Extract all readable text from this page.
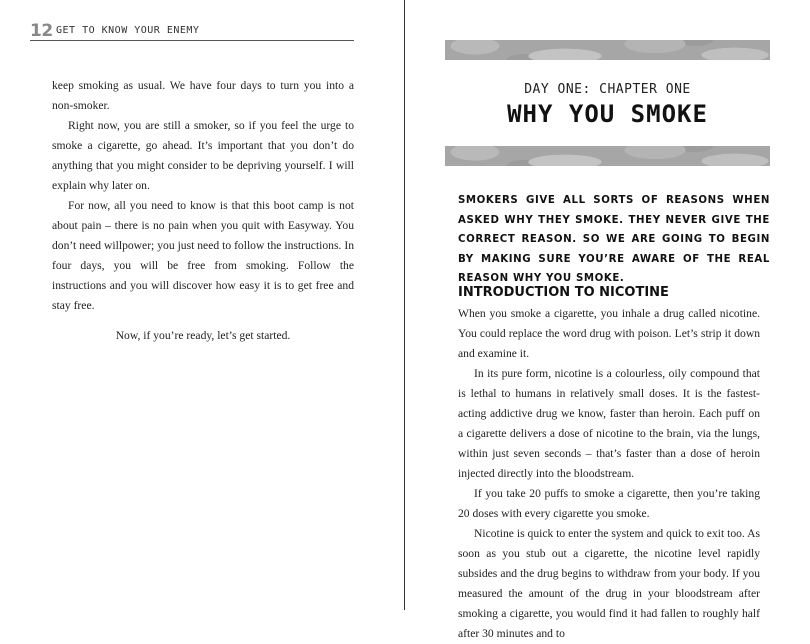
12 GET TO KNOW YOUR ENEMY

keep smoking as usual. We have four days to turn you into a non-smoker.

Right now, you are still a smoker, so if you feel the urge to smoke a cigarette, go ahead. It’s important that you don’t do anything that you might consider to be depriving yourself. I will explain why later on.

For now, all you need to know is that this boot camp is not about pain – there is no pain when you quit with Easyway. You don’t need willpower; you just need to follow the instructions. In four days, you will be free from smoking. Follow the instructions and you will discover how easy it is to get free and stay free.

Now, if you’re ready, let’s get started.

DAY ONE: CHAPTER ONE
WHY YOU SMOKE
SMOKERS GIVE ALL SORTS OF REASONS WHEN ASKED WHY THEY SMOKE. THEY NEVER GIVE THE CORRECT REASON. SO WE ARE GOING TO BEGIN BY MAKING SURE YOU’RE AWARE OF THE REAL REASON WHY YOU SMOKE.
INTRODUCTION TO NICOTINE

When you smoke a cigarette, you inhale a drug called nicotine. You could replace the word drug with poison. Let’s strip it down and examine it.

In its pure form, nicotine is a colourless, oily compound that is lethal to humans in relatively small doses. It is the fastest-acting addictive drug we know, faster than heroin. Each puff on a cigarette delivers a dose of nicotine to the brain, via the lungs, within just seven seconds – that’s faster than a dose of heroin injected directly into the bloodstream.

If you take 20 puffs to smoke a cigarette, then you’re taking 20 doses with every cigarette you smoke.

Nicotine is quick to enter the system and quick to exit too. As soon as you stub out a cigarette, the nicotine level rapidly subsides and the drug begins to withdraw from your body. If you measured the amount of the drug in your bloodstream after smoking a cigarette, you would find it had fallen to roughly half after 30 minutes and to
